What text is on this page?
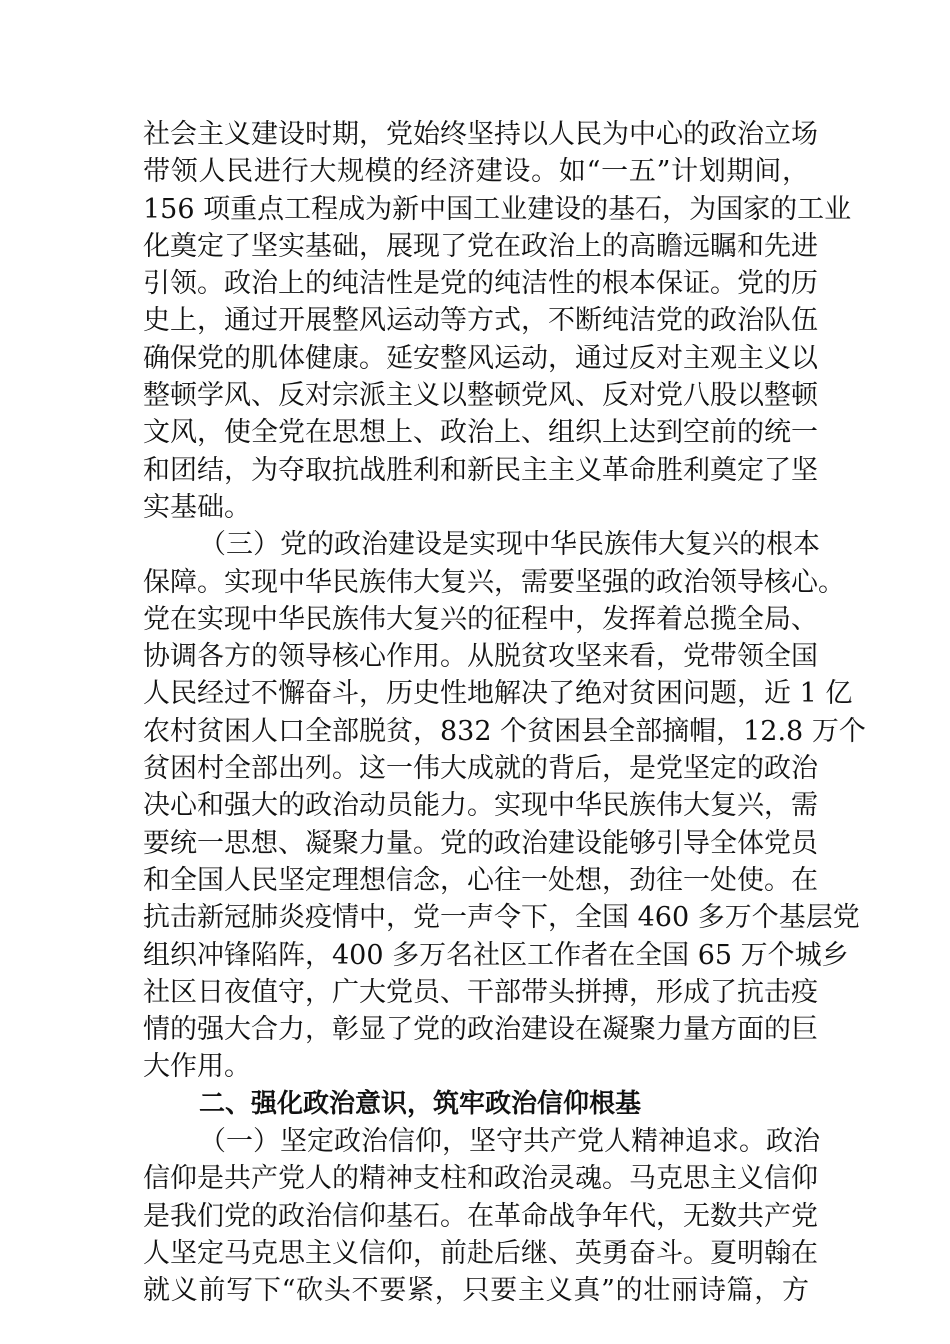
社会主义建设时期，党始终坚持以人民为中心的政治立场
带领人民进行大规模的经济建设。如“一五”计划期间，
156 项重点工程成为新中国工业建设的基石，为国家的工业
化奠定了坚实基础，展现了党在政治上的高瞻远瞩和先进
引领。政治上的纯洁性是党的纯洁性的根本保证。党的历
史上，通过开展整风运动等方式，不断纯洁党的政治队伍
确保党的肌体健康。延安整风运动，通过反对主观主义以
整顿学风、反对宗派主义以整顿党风、反对党八股以整顿
文风，使全党在思想上、政治上、组织上达到空前的统一
和团结，为夺取抗战胜利和新民主主义革命胜利奠定了坚
实基础。
（三）党的政治建设是实现中华民族伟大复兴的根本
保障。实现中华民族伟大复兴，需要坚强的政治领导核心。
党在实现中华民族伟大复兴的征程中，发挥着总揽全局、
协调各方的领导核心作用。从脱贫攻坚来看，党带领全国
人民经过不懈奋斗，历史性地解决了绝对贫困问题，近 1 亿
农村贫困人口全部脱贫，832 个贫困县全部摘帽，12.8 万个
贫困村全部出列。这一伟大成就的背后，是党坚定的政治
决心和强大的政治动员能力。实现中华民族伟大复兴，需
要统一思想、凝聚力量。党的政治建设能够引导全体党员
和全国人民坚定理想信念，心往一处想，劲往一处使。在
抗击新冠肺炎疫情中，党一声令下，全国 460 多万个基层党
组织冲锋陷阵，400 多万名社区工作者在全国 65 万个城乡
社区日夜值守，广大党员、干部带头拼搏，形成了抗击疫
情的强大合力，彰显了党的政治建设在凝聚力量方面的巨
大作用。
二、强化政治意识，筑牢政治信仰根基
（一）坚定政治信仰，坚守共产党人精神追求。政治
信仰是共产党人的精神支柱和政治灵魂。马克思主义信仰
是我们党的政治信仰基石。在革命战争年代，无数共产党
人坚定马克思主义信仰，前赴后继、英勇奋斗。夏明翰在
就义前写下“砍头不要紧，只要主义真”的壮丽诗篇，方
